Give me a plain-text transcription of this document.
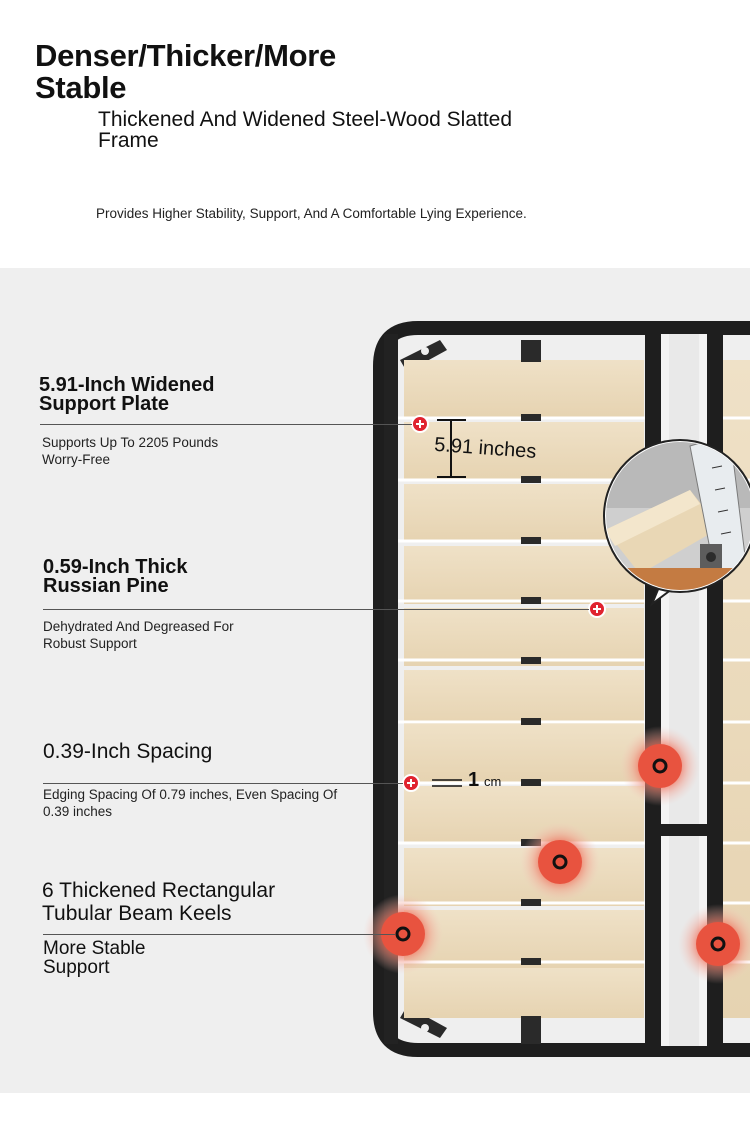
Denser/Thicker/More Stable
Thickened And Widened Steel-Wood Slatted Frame
Provides Higher Stability, Support, And A Comfortable Lying Experience.
5.91 inches
1 cm
5.91-Inch Widened Support Plate
Supports Up To 2205 Pounds Worry-Free
0.59-Inch Thick Russian Pine
Dehydrated And Degreased For Robust Support
0.39-Inch Spacing
Edging Spacing Of 0.79 inches, Even Spacing Of 0.39 inches
6 Thickened Rectangular Tubular Beam Keels
More Stable Support
